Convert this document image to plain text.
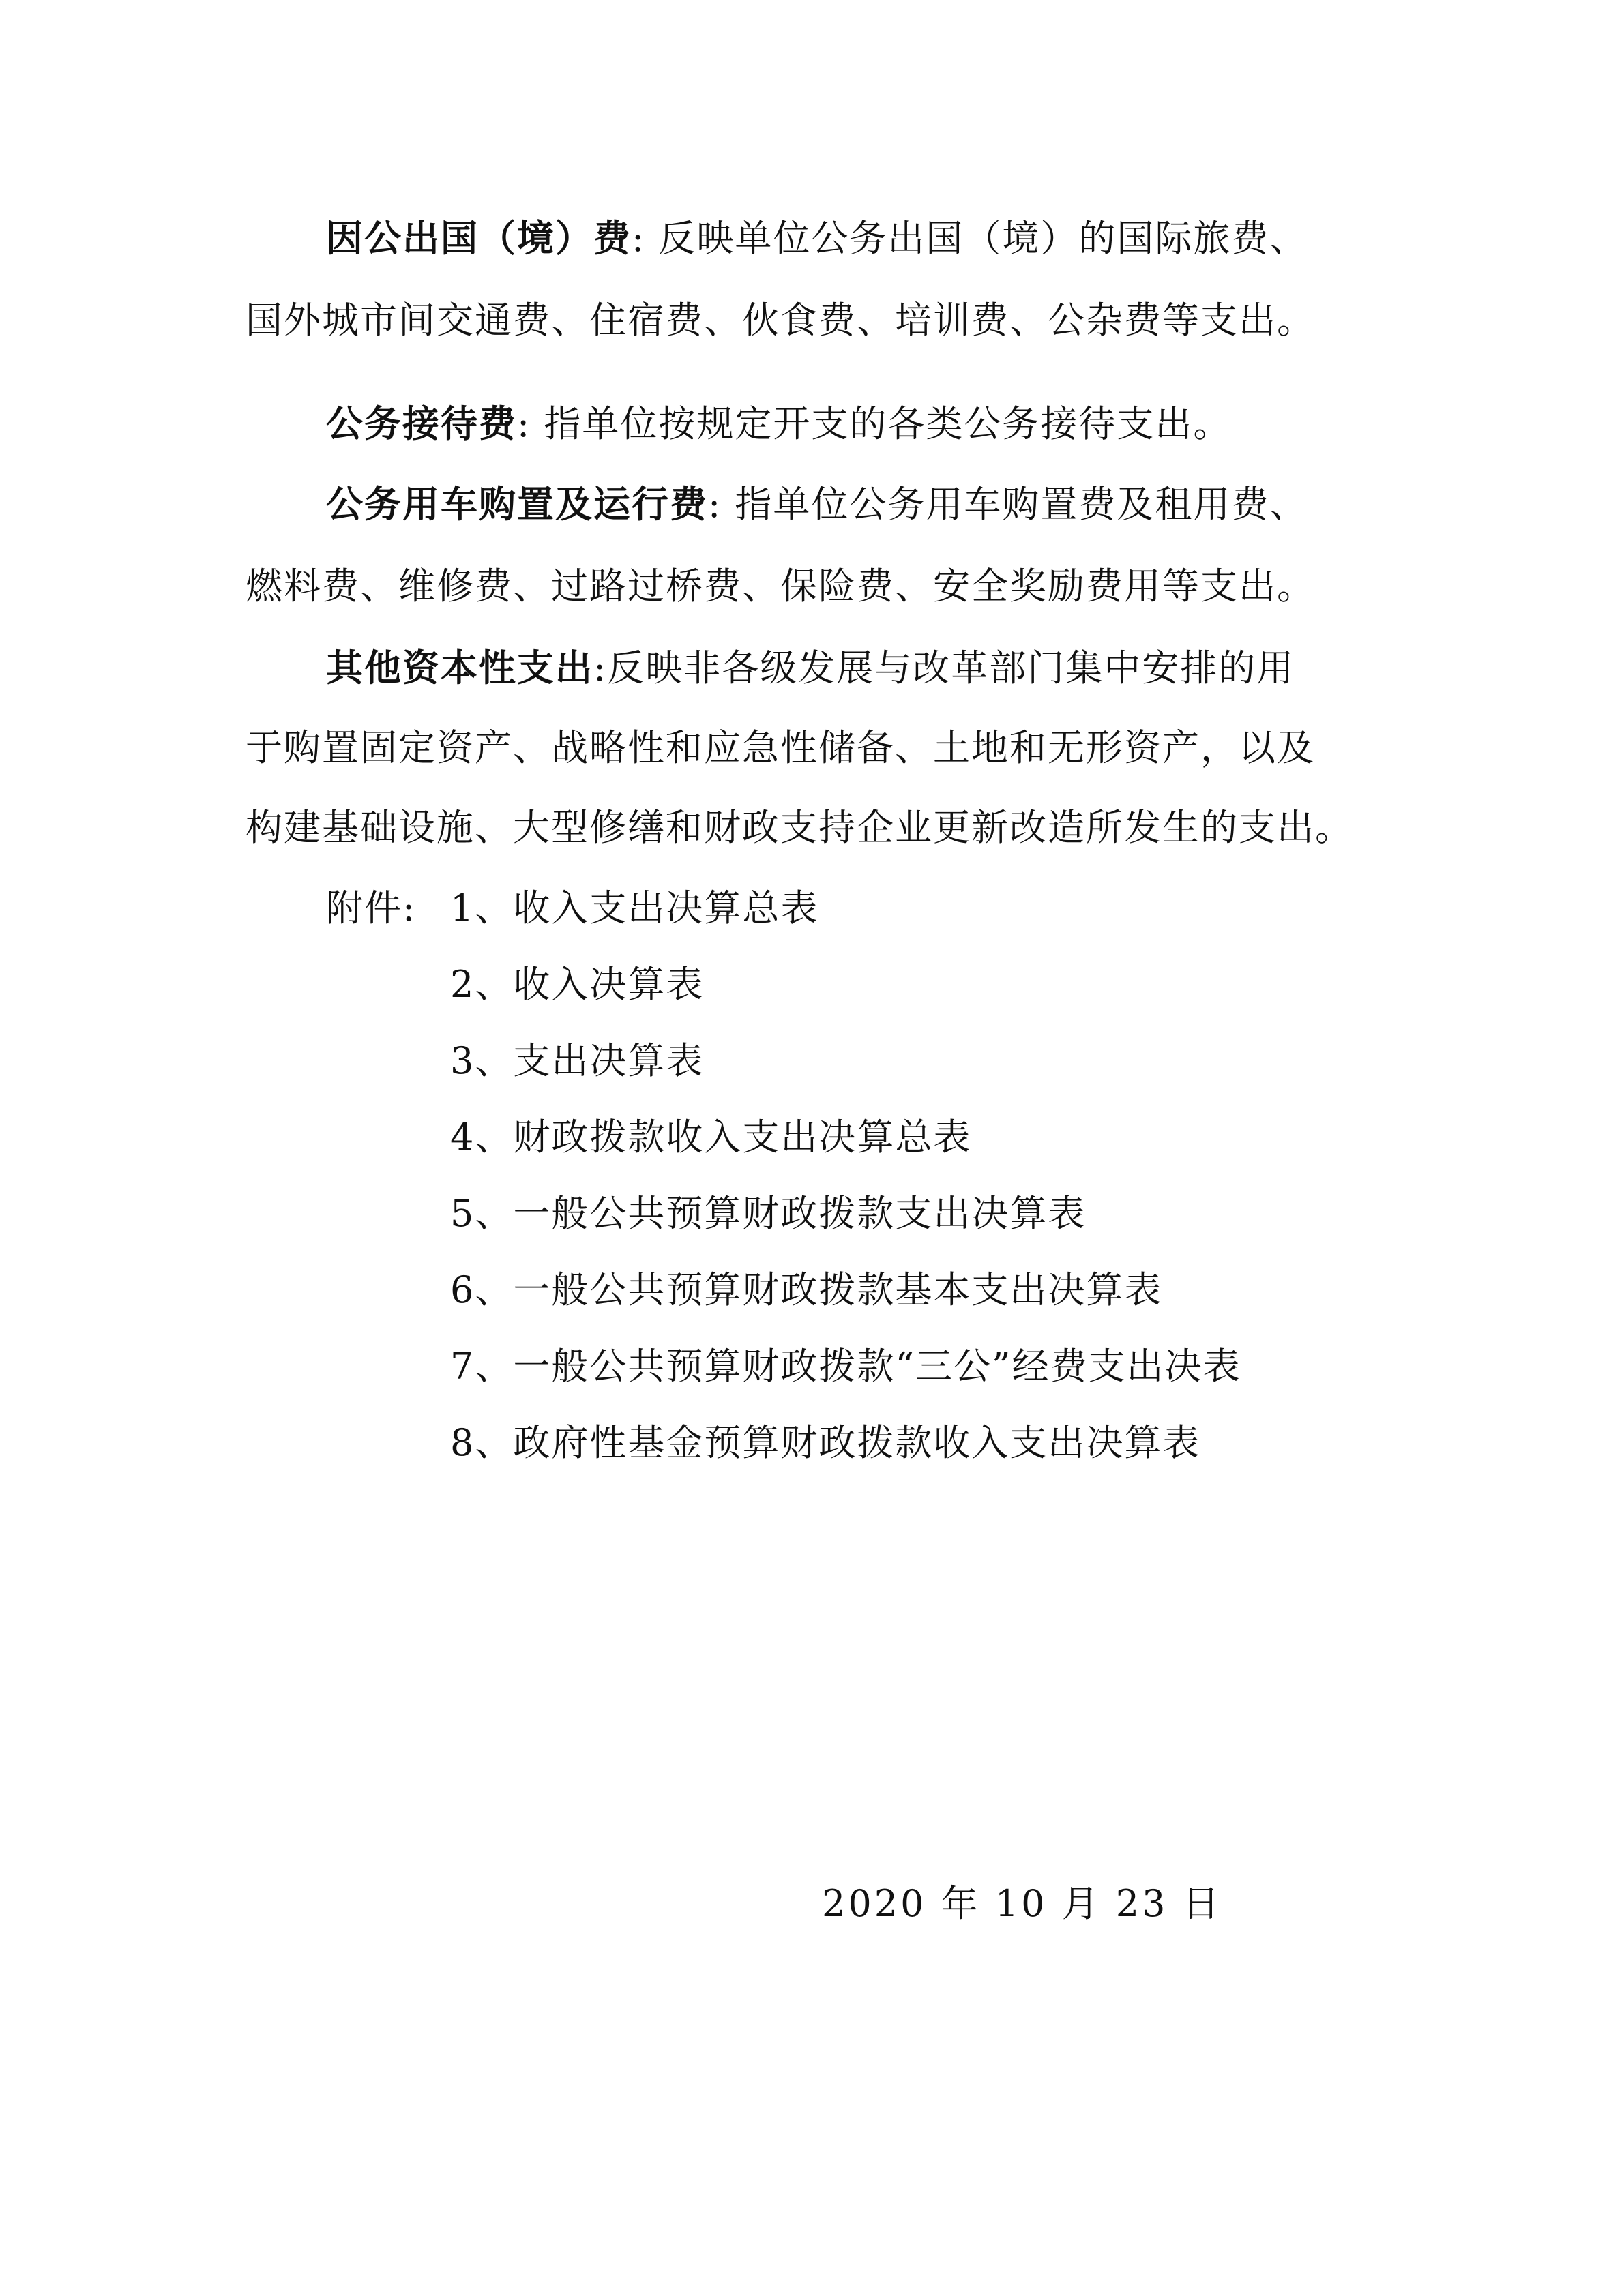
因公出国（境）费: 反映单位公务出国（境）的国际旅费、
国外城市间交通费、住宿费、伙食费、培训费、公杂费等支出。
公务接待费: 指单位按规定开支的各类公务接待支出。
公务用车购置及运行费: 指单位公务用车购置费及租用费、
燃料费、维修费、过路过桥费、保险费、安全奖励费用等支出。
其他资本性支出:反映非各级发展与改革部门集中安排的用
于购置固定资产、战略性和应急性储备、土地和无形资产，以及
构建基础设施、大型修缮和财政支持企业更新改造所发生的支出。
附件: 1、收入支出决算总表
2、收入决算表
3、支出决算表
4、财政拨款收入支出决算总表
5、一般公共预算财政拨款支出决算表
6、一般公共预算财政拨款基本支出决算表
7、一般公共预算财政拨款“三公”经费支出决表
8、政府性基金预算财政拨款收入支出决算表
2020 年 10 月 23 日
